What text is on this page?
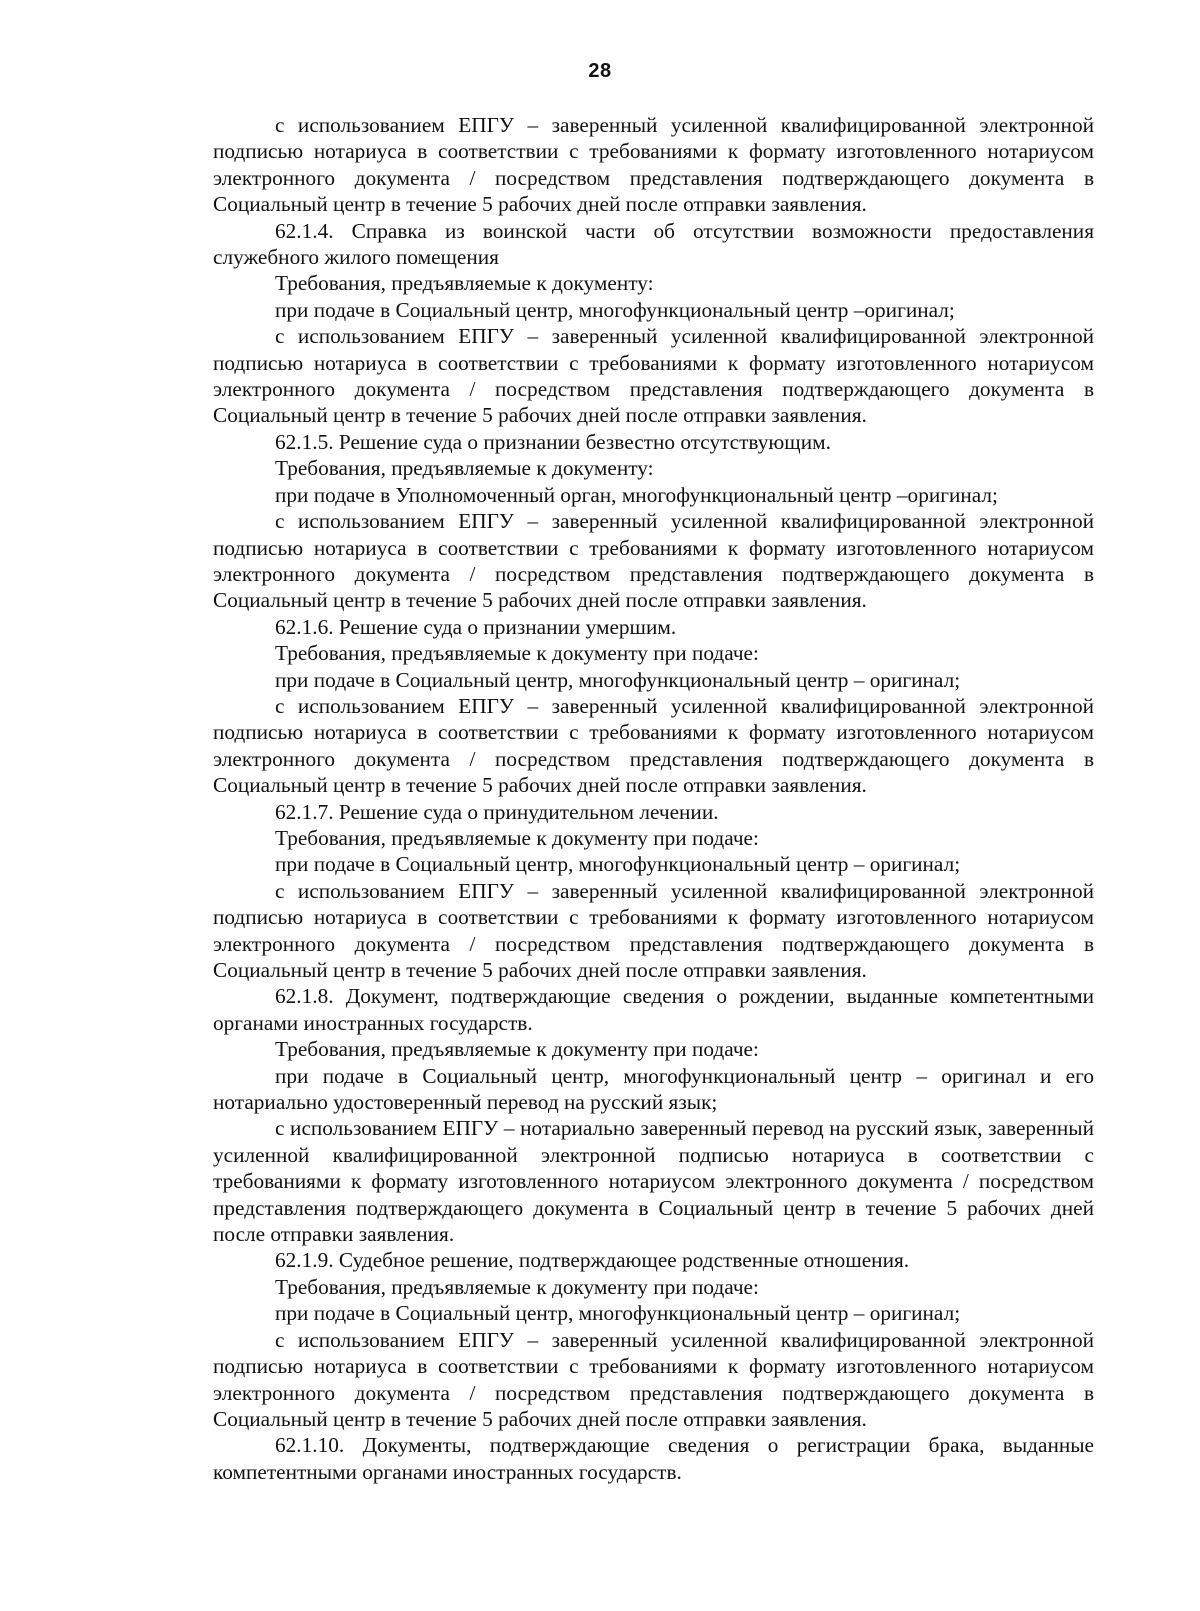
28

с использованием ЕПГУ – заверенный усиленной квалифицированной электронной подписью нотариуса в соответствии с требованиями к формату изготовленного нотариусом электронного документа / посредством представления подтверждающего документа в Социальный центр в течение 5 рабочих дней после отправки заявления.

62.1.4. Справка из воинской части об отсутствии возможности предоставления служебного жилого помещения

Требования, предъявляемые к документу:

при подаче в Социальный центр, многофункциональный центр –оригинал;

с использованием ЕПГУ – заверенный усиленной квалифицированной электронной подписью нотариуса в соответствии с требованиями к формату изготовленного нотариусом электронного документа / посредством представления подтверждающего документа в Социальный центр в течение 5 рабочих дней после отправки заявления.

62.1.5. Решение суда о признании безвестно отсутствующим.

Требования, предъявляемые к документу:

при подаче в Уполномоченный орган, многофункциональный центр –оригинал;

с использованием ЕПГУ – заверенный усиленной квалифицированной электронной подписью нотариуса в соответствии с требованиями к формату изготовленного нотариусом электронного документа / посредством представления подтверждающего документа в Социальный центр в течение 5 рабочих дней после отправки заявления.

62.1.6. Решение суда о признании умершим.

Требования, предъявляемые к документу при подаче:

при подаче в Социальный центр, многофункциональный центр – оригинал;

с использованием ЕПГУ – заверенный усиленной квалифицированной электронной подписью нотариуса в соответствии с требованиями к формату изготовленного нотариусом электронного документа / посредством представления подтверждающего документа в Социальный центр в течение 5 рабочих дней после отправки заявления.

62.1.7. Решение суда о принудительном лечении.

Требования, предъявляемые к документу при подаче:

при подаче в Социальный центр, многофункциональный центр – оригинал;

с использованием ЕПГУ – заверенный усиленной квалифицированной электронной подписью нотариуса в соответствии с требованиями к формату изготовленного нотариусом электронного документа / посредством представления подтверждающего документа в Социальный центр в течение 5 рабочих дней после отправки заявления.

62.1.8. Документ, подтверждающие сведения о рождении, выданные компетентными органами иностранных государств.

Требования, предъявляемые к документу при подаче:

при подаче в Социальный центр, многофункциональный центр – оригинал и его нотариально удостоверенный перевод на русский язык;

с использованием ЕПГУ – нотариально заверенный перевод на русский язык, заверенный усиленной квалифицированной электронной подписью нотариуса в соответствии с требованиями к формату изготовленного нотариусом электронного документа / посредством представления подтверждающего документа в Социальный центр в течение 5 рабочих дней после отправки заявления.

62.1.9. Судебное решение, подтверждающее родственные отношения.

Требования, предъявляемые к документу при подаче:

при подаче в Социальный центр, многофункциональный центр – оригинал;

с использованием ЕПГУ – заверенный усиленной квалифицированной электронной подписью нотариуса в соответствии с требованиями к формату изготовленного нотариусом электронного документа / посредством представления подтверждающего документа в Социальный центр в течение 5 рабочих дней после отправки заявления.

62.1.10. Документы, подтверждающие сведения о регистрации брака, выданные компетентными органами иностранных государств.
